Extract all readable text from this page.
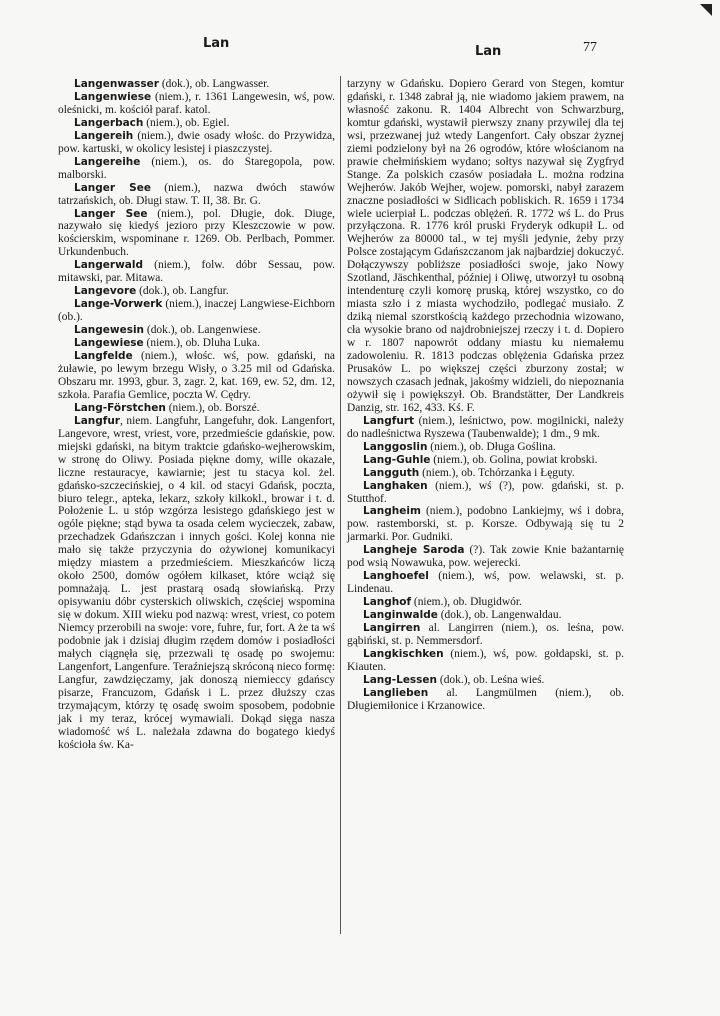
Lan
Lan	77
Langenwasser (dok.), ob. Langwasser.
Langenwiese (niem.), r. 1361 Langewesin, wś, pow. oleśnicki, m. kościół paraf. katol.
Langerbach (niem.), ob. Egiel.
Langereih (niem.), dwie osady włośc. do Przywidza, pow. kartuski, w okolicy lesistej i piaszczystej.
Langereihe (niem.), os. do Staregopola, pow. malborski.
Langer See (niem.), nazwa dwóch stawów tatrzańskich, ob. Długi staw. T. II, 38. Br. G.
Langer See (niem.), pol. Długie, dok. Diuge, nazywało się kiedyś jezioro przy Kleszczowie w pow. kościerskim, wspominane r. 1269. Ob. Perlbach, Pommer. Urkundenbuch.
Langerwald (niem.), folw. dóbr Sessau, pow. mitawski, par. Mitawa.
Langevore (dok.), ob. Langfur.
Lange-Vorwerk (niem.), inaczej Langwiese-Eichborn (ob.).
Langewesin (dok.), ob. Langenwiese.
Langewiese (niem.), ob. Dluha Luka.
Langfelde (niem.), włośc. wś, pow. gdański, na żuławie, po lewym brzegu Wisły, o 3.25 mil od Gdańska. Obszaru mr. 1993, gbur. 3, zagr. 2, kat. 169, ew. 52, dm. 12, szkoła. Parafia Gemlice, poczta W. Cędry.
Lang-Förstchen (niem.), ob. Borszé.
Langfur, niem. Langfuhr, Langefuhr, dok. Langenfort, Langevore, wrest, vriest, vore, przedmieście gdańskie, pow. miejski gdański, na bitym traktcie gdańsko-wejherowskim, w stronę do Oliwy. Posiada piękne domy, wille okazałe, liczne restauracye, kawiarnie; jest tu stacya kol. żel. gdańsko-szczecińskiej, o 4 kil. od stacyi Gdańsk, poczta, biuro telegr., apteka, lekarz, szkoły kilkokl., browar i t. d. Położenie L. u stóp wzgórza lesistego gdańskiego jest w ogóle piękne; stąd bywa ta osada celem wycieczek, zabaw, przechadzek Gdańszczan i innych gości. Kolej konna nie mało się także przyczynia do ożywionej komunikacyi między miastem a przedmieściem. Mieszkańców liczą około 2500, domów ogółem kilkaset, które wciąż się pomnażają. L. jest prastarą osadą słowiańską. Przy opisywaniu dóbr cysterskich oliwskich, częściej wspomina się w dokum. XIII wieku pod nazwą: wrest, vriest, co potem Niemcy przerobili na swoje: vore, fuhre, fur, fort. A że ta wś podobnie jak i dzisiaj długim rzędem domów i posiadłości małych ciągnęła się, przezwali tę osadę po swojemu: Langenfort, Langenfure. Teraźniejszą skróconą nieco formę: Langfur, zawdzięczamy, jak donoszą niemieccy gdańscy pisarze, Francuzom, Gdańsk i L. przez dłuższy czas trzymającym, którzy tę osadę swoim sposobem, podobnie jak i my teraz, krócej wymawiali. Dokąd sięga nasza wiadomość wś L. należała zdawna do bogatego kiedyś kościoła św. Ka-
tarzyny w Gdańsku. Dopiero Gerard von Stegen, komtur gdański, r. 1348 zabrał ją, nie wiadomo jakiem prawem, na własność zakonu. R. 1404 Albrecht von Schwarzburg, komtur gdański, wystawił pierwszy znany przywilej dla tej wsi, przezwanej już wtedy Langenfort. Cały obszar żyznej ziemi podzielony był na 26 ogrodów, które włościanom na prawie chełmińskiem wydano; sołtys nazywał się Zygfryd Stange. Za polskich czasów posiadała L. można rodzina Wejherów. Jakób Wejher, wojew. pomorski, nabył zarazem znaczne posiadłości w Sidlicach pobliskich. R. 1659 i 1734 wiele ucierpiał L. podczas oblężeń. R. 1772 wś L. do Prus przyłączona. R. 1776 król pruski Fryderyk odkupił L. od Wejherów za 80000 tal., w tej myśli jedynie, żeby przy Polsce zostającym Gdańszczanom jak najbardziej dokuczyć. Dołączywszy pobliższe posiadłości swoje, jako Nowy Szotland, Jäschkenthal, później i Oliwę, utworzył tu osobną intendenturę czyli komorę pruską, której wszystko, co do miasta szło i z miasta wychodziło, podlegać musiało. Z dziką niemal szorstkością każdego przechodnia wizowano, cła wysokie brano od najdrobniejszej rzeczy i t. d. Dopiero w r. 1807 napowrót oddany miastu ku niemałemu zadowoleniu. R. 1813 podczas oblężenia Gdańska przez Prusaków L. po większej części zburzony został; w nowszych czasach jednak, jakośmy widzieli, do niepoznania ożywił się i powiększył. Ob. Brandstätter, Der Landkreis Danzig, str. 162, 433. Kś. F.
Langfurt (niem.), leśnictwo, pow. mogilnicki, należy do nadleśnictwa Ryszewa (Taubenwalde); 1 dm., 9 mk.
Langgoslin (niem.), ob. Długa Goślina.
Lang-Guhle (niem.), ob. Golina, powiat krobski.
Langguth (niem.), ob. Tchórzanka i Łęguty.
Langhaken (niem.), wś (?), pow. gdański, st. p. Stutthof.
Langheim (niem.), podobno Lankiejmy, wś i dobra, pow. rastemborski, st. p. Korsze. Odbywają się tu 2 jarmarki. Por. Gudniki.
Langheje Saroda (?). Tak zowie Knie bażantarnię pod wsią Nowawuka, pow. wejerecki.
Langhoefel (niem.), wś, pow. welawski, st. p. Lindenau.
Langhof (niem.), ob. Długidwór.
Langinwalde (dok.), ob. Langenwaldau.
Langirren al. Langirren (niem.), os. leśna, pow. gąbiński, st. p. Nemmersdorf.
Langkischken (niem.), wś, pow. gołdapski, st. p. Kiauten.
Lang-Lessen (dok.), ob. Leśna wieś.
Langlieben al. Langmülmen (niem.), ob. Długiemiłonice i Krzanowice.
